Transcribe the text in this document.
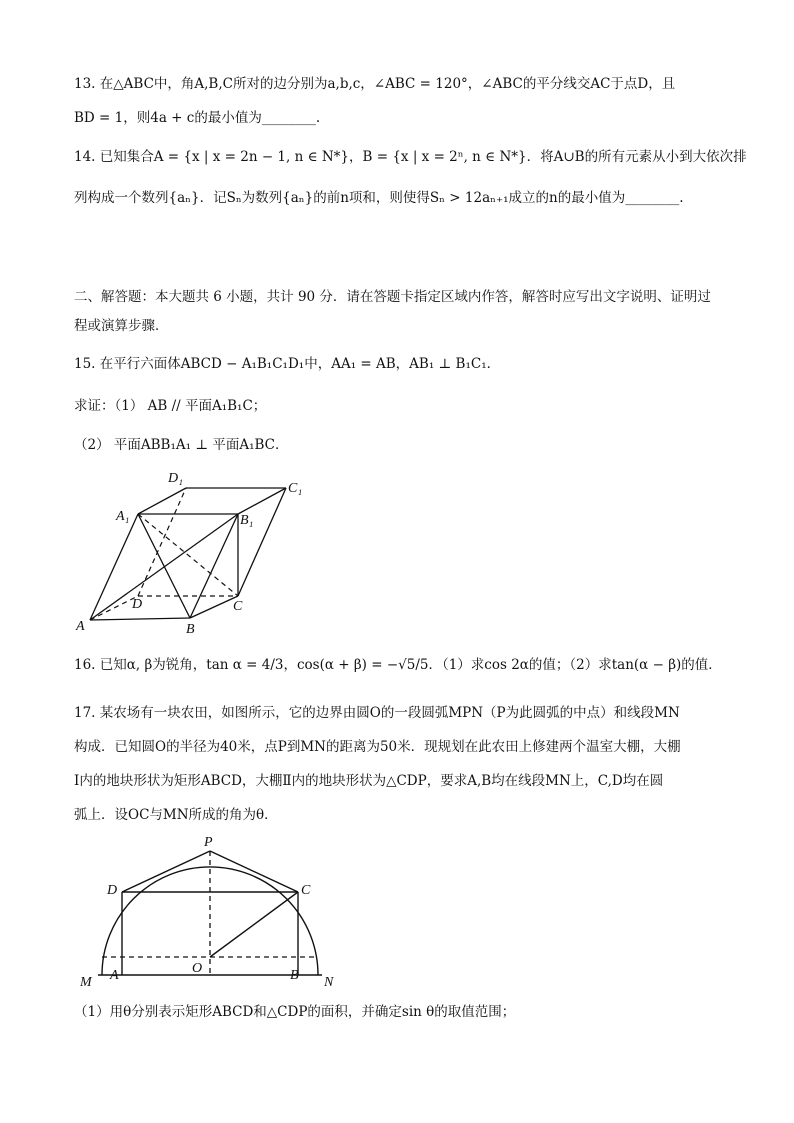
13. 在△ABC中，角A,B,C所对的边分别为a,b,c，∠ABC = 120°，∠ABC的平分线交AC于点D，且
BD = 1，则4a + c的最小值为________.
14. 已知集合A = {x | x = 2n − 1, n ∈ N*}，B = {x | x = 2ⁿ, n ∈ N*}．将A∪B的所有元素从小到大依次排
列构成一个数列{aₙ}．记Sₙ为数列{aₙ}的前n项和，则使得Sₙ > 12aₙ₊₁成立的n的最小值为________.
二、解答题：本大题共 6 小题，共计 90 分．请在答题卡指定区域内作答，解答时应写出文字说明、证明过
程或演算步骤．
15. 在平行六面体ABCD − A₁B₁C₁D₁中，AA₁ = AB，AB₁ ⊥ B₁C₁．
求证：（1） AB // 平面A₁B₁C；
（2） 平面ABB₁A₁ ⊥ 平面A₁BC．
A	B
C
D
A₁	B₁
C₁
D₁
16. 已知α, β为锐角，tan α = 4/3，cos(α + β) = −√5/5．（1）求cos 2α的值；（2）求tan(α − β)的值．
17. 某农场有一块农田，如图所示，它的边界由圆O的一段圆弧MPN（P为此圆弧的中点）和线段MN
构成．已知圆O的半径为40米，点P到MN的距离为50米．现规划在此农田上修建两个温室大棚，大棚
Ⅰ内的地块形状为矩形ABCD，大棚Ⅱ内的地块形状为△CDP，要求A,B均在线段MN上，C,D均在圆
弧上．设OC与MN所成的角为θ．
P
D	C
O
M A	B N
（1）用θ分别表示矩形ABCD和△CDP的面积，并确定sin θ的取值范围；
